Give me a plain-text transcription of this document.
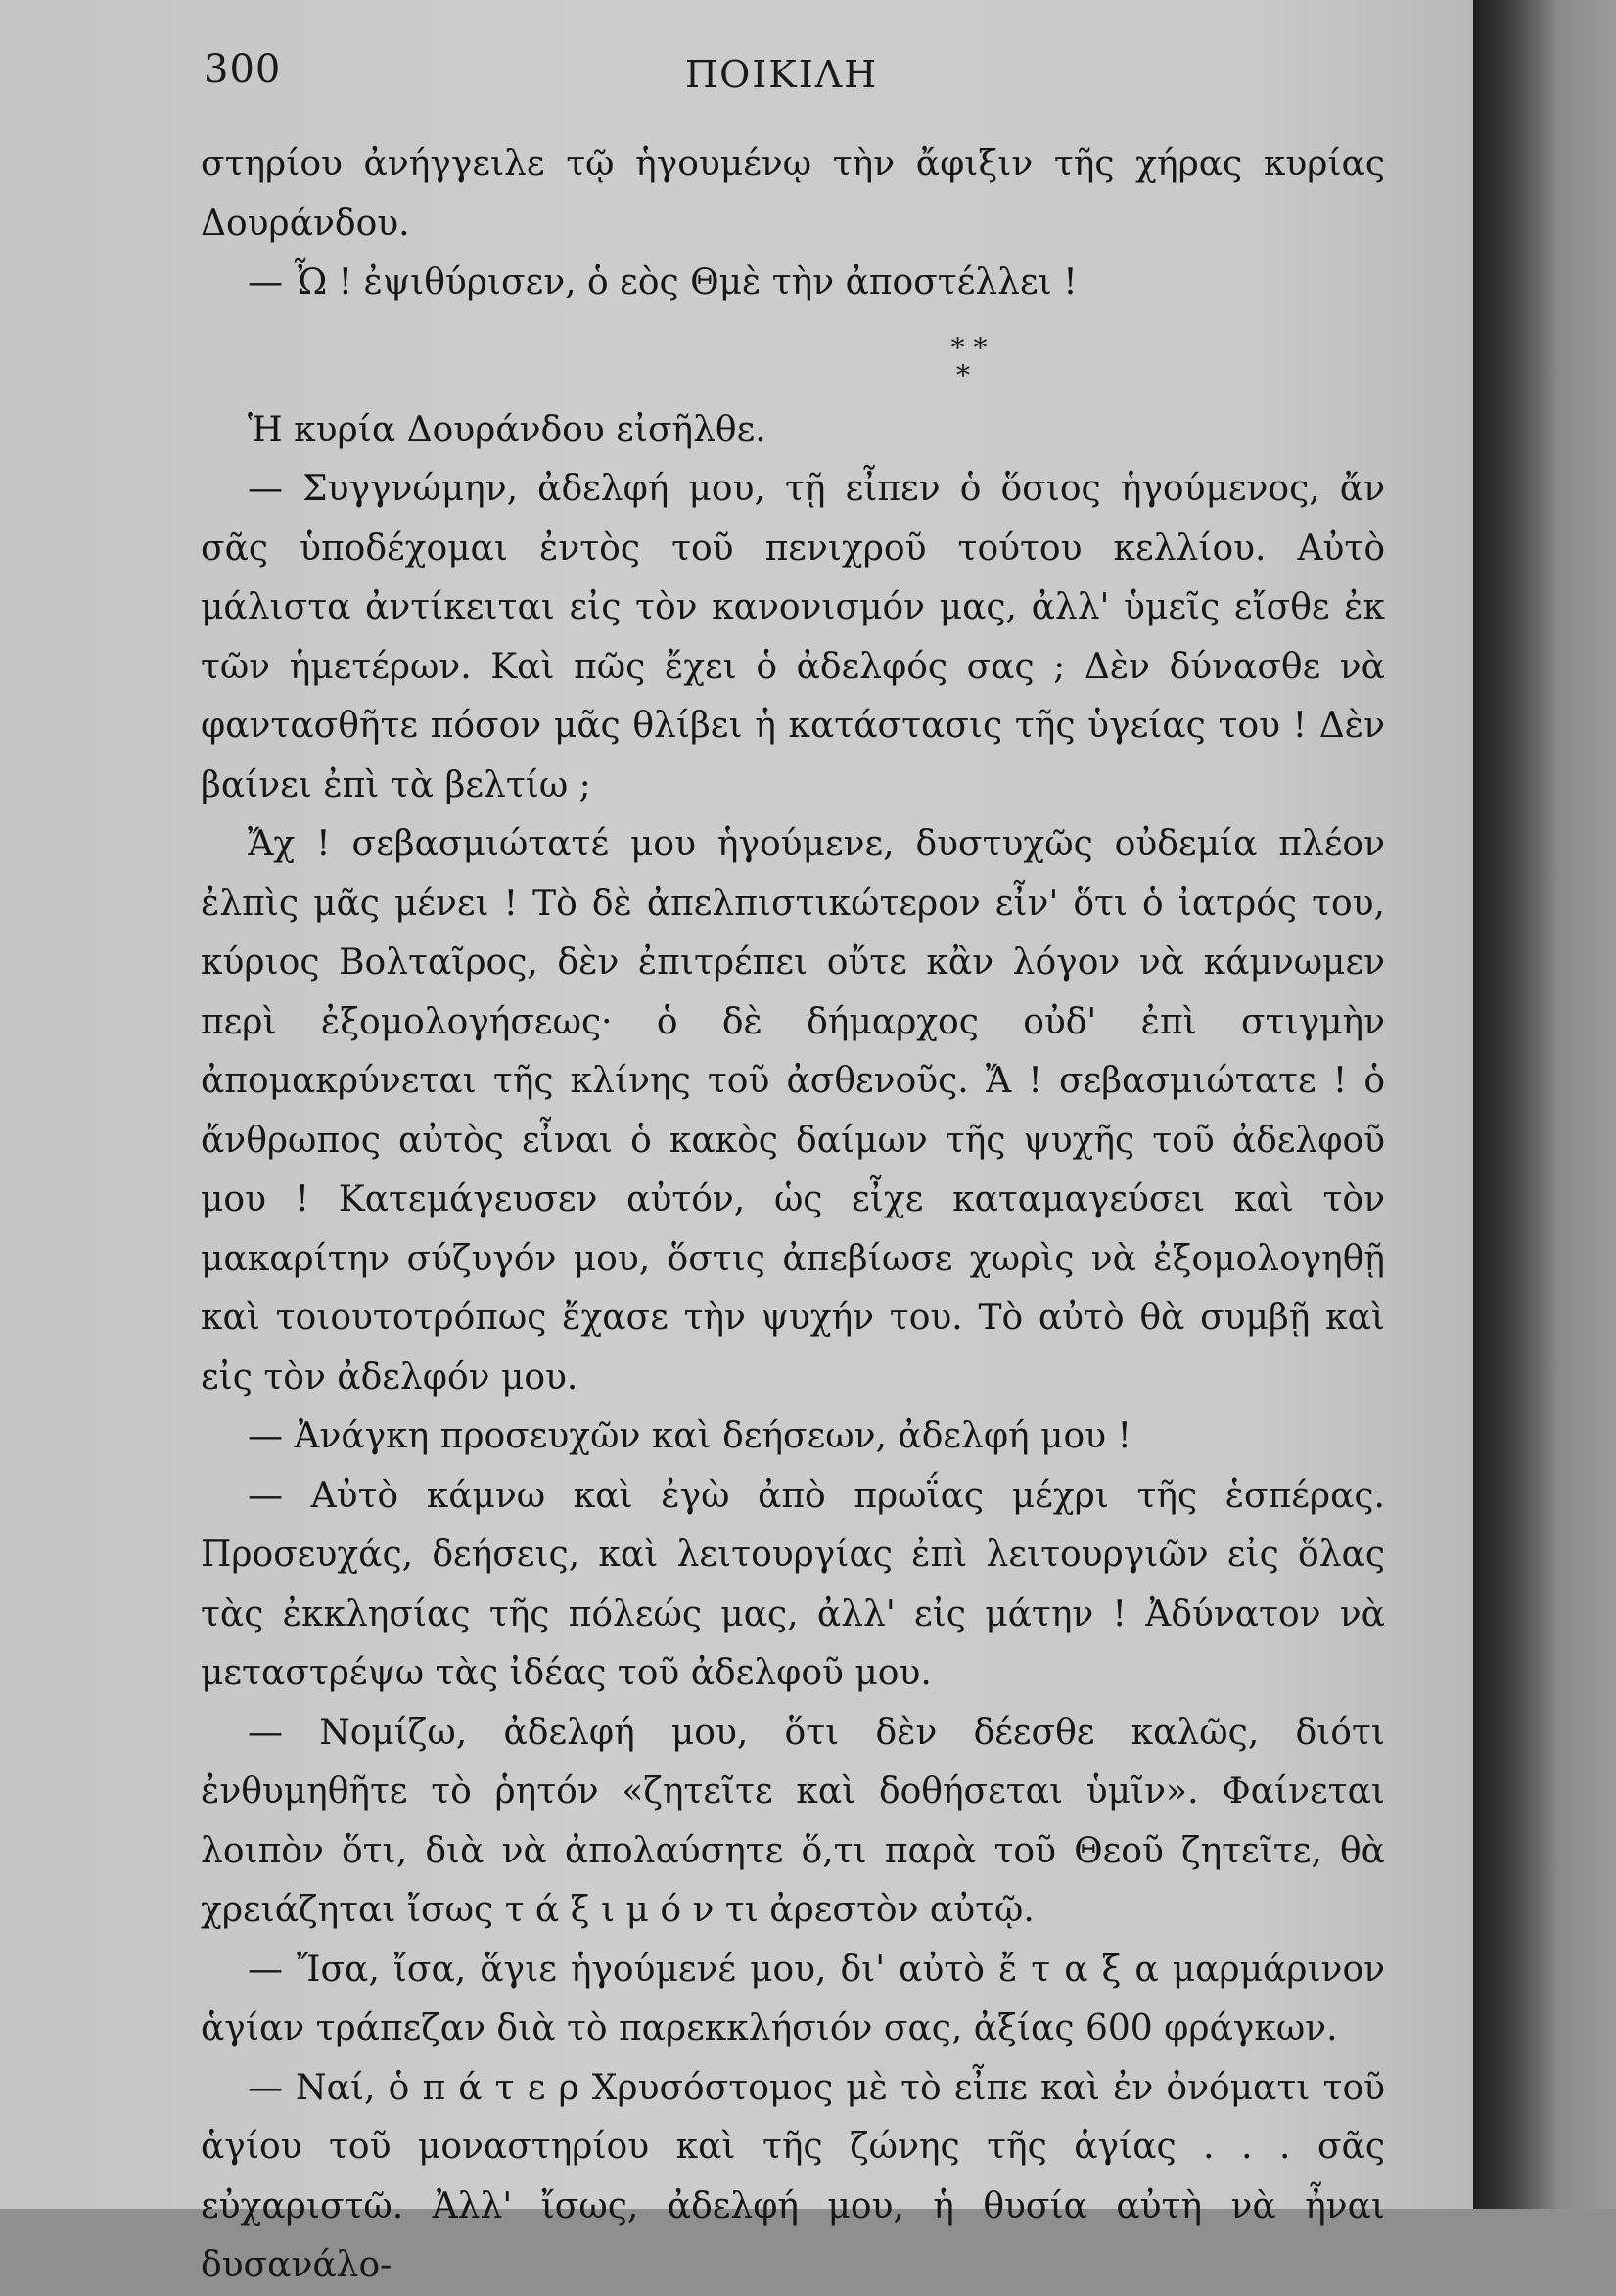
300	ΠΟΙΚΙΛΗ

στηρίου ἀνήγγειλε τῷ ἡγουμένῳ τὴν ἄφιξιν τῆς χήρας κυρίας Δουράνδου.

— Ὦ ! ἐψιθύρισεν, ὁ εὸς Θμὲ τὴν ἀποστέλλει !

* *
*

Ἡ κυρία Δουράνδου εἰσῆλθε.

— Συγγνώμην, ἀδελφή μου, τῇ εἶπεν ὁ ὅσιος ἡγούμενος, ἄν σᾶς ὑποδέχομαι ἐντὸς τοῦ πενιχροῦ τούτου κελλίου. Αὐτὸ μάλιστα ἀντίκειται εἰς τὸν κανονισμόν μας, ἀλλ' ὑμεῖς εἴσθε ἐκ τῶν ἡμετέρων. Καὶ πῶς ἔχει ὁ ἀδελφός σας ; Δὲν δύνασθε νὰ φαντασθῆτε πόσον μᾶς θλίβει ἡ κατάστασις τῆς ὑγείας του ! Δὲν βαίνει ἐπὶ τὰ βελτίω ;

Ἄχ ! σεβασμιώτατέ μου ἡγούμενε, δυστυχῶς οὐδεμία πλέον ἐλπὶς μᾶς μένει ! Τὸ δὲ ἀπελπιστικώτερον εἶν' ὅτι ὁ ἰατρός του, κύριος Βολταῖρος, δὲν ἐπιτρέπει οὔτε κἂν λόγον νὰ κάμνωμεν περὶ ἐξομολογήσεως· ὁ δὲ δήμαρχος οὐδ' ἐπὶ στιγμὴν ἀπομακρύνεται τῆς κλίνης τοῦ ἀσθενοῦς. Ἄ ! σεβασμιώτατε ! ὁ ἄνθρωπος αὐτὸς εἶναι ὁ κακὸς δαίμων τῆς ψυχῆς τοῦ ἀδελφοῦ μου ! Κατεμάγευσεν αὐτόν, ὡς εἶχε καταμαγεύσει καὶ τὸν μακαρίτην σύζυγόν μου, ὅστις ἀπεβίωσε χωρὶς νὰ ἐξομολογηθῇ καὶ τοιουτοτρόπως ἔχασε τὴν ψυχήν του. Τὸ αὐτὸ θὰ συμβῇ καὶ εἰς τὸν ἀδελφόν μου.

— Ἀνάγκη προσευχῶν καὶ δεήσεων, ἀδελφή μου !

— Αὐτὸ κάμνω καὶ ἐγὼ ἀπὸ πρωΐας μέχρι τῆς ἑσπέρας. Προσευχάς, δεήσεις, καὶ λειτουργίας ἐπὶ λειτουργιῶν εἰς ὅλας τὰς ἐκκλησίας τῆς πόλεώς μας, ἀλλ' εἰς μάτην ! Ἀδύνατον νὰ μεταστρέψω τὰς ἰδέας τοῦ ἀδελφοῦ μου.

— Νομίζω, ἀδελφή μου, ὅτι δὲν δέεσθε καλῶς, διότι ἐνθυμηθῆτε τὸ ῥητόν «ζητεῖτε καὶ δοθήσεται ὑμῖν». Φαίνεται λοιπὸν ὅτι, διὰ νὰ ἀπολαύσητε ὅ,τι παρὰ τοῦ Θεοῦ ζητεῖτε, θὰ χρειάζηται ἴσως τ ά ξ ι μ ό ν τι ἀρεστὸν αὐτῷ.

— Ἴσα, ἴσα, ἅγιε ἡγούμενέ μου, δι' αὐτὸ ἔ τ α ξ α μαρμάρινον ἁγίαν τράπεζαν διὰ τὸ παρεκκλήσιόν σας, ἀξίας 600 φράγκων.

— Ναί, ὁ π ά τ ε ρ Χρυσόστομος μὲ τὸ εἶπε καὶ ἐν ὀνόματι τοῦ ἁγίου τοῦ μοναστηρίου καὶ τῆς ζώνης τῆς ἁγίας . . . σᾶς εὐχαριστῶ. Ἀλλ' ἴσως, ἀδελφή μου, ἡ θυσία αὐτὴ νὰ ἦναι δυσανάλο-
